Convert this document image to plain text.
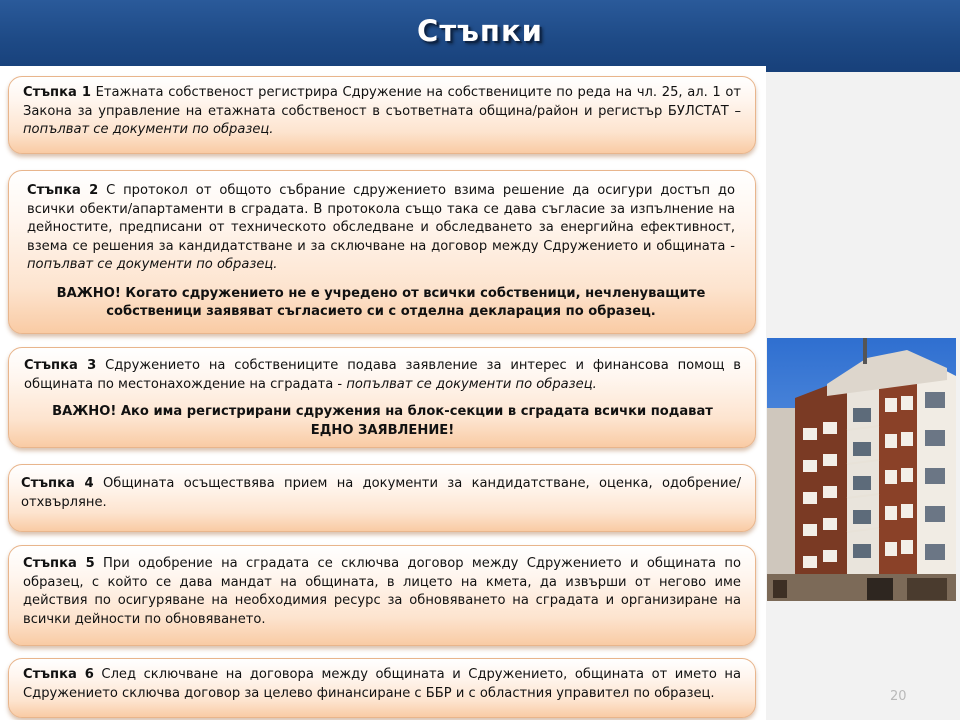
Стъпки

Стъпка 1 Етажната собственост регистрира Сдружение на собствениците по реда на чл. 25, ал. 1 от Закона за управление на етажната собственост в съответната община/район и регистър БУЛСТАТ – попълват се документи по образец.

Стъпка 2 С протокол от общото събрание сдружението взима решение да осигури достъп до всички обекти/апартаменти в сградата. В протокола също така се дава съгласие за изпълнение на дейностите, предписани от техническото обследване и обследването за енергийна ефективност, взема се решения за кандидатстване и за сключване на договор между Сдружението и общината - попълват се документи по образец.

ВАЖНО! Когато сдружението не е учредено от всички собственици, нечленуващите собственици заявяват съгласието си с отделна декларация по образец.

Стъпка 3 Сдружението на собствениците подава заявление за интерес и финансова помощ в общината по местонахождение на сградата - попълват се документи по образец.

ВАЖНО! Ако има регистрирани сдружения на блок-секции в сградата всички подават ЕДНО ЗАЯВЛЕНИЕ!

Стъпка 4 Общината осъществява прием на документи за кандидатстване, оценка, одобрение/отхвърляне.

Стъпка 5 При одобрение на сградата се сключва договор между Сдружението и общината по образец, с който се дава мандат на общината, в лицето на кмета, да извърши от негово име действия по осигуряване на необходимия ресурс за обновяването на сградата и организиране на всички дейности по обновяването.

Стъпка 6 След сключване на договора между общината и Сдружението, общината от името на Сдружението сключва договор за целево финансиране с ББР и с областния управител по образец.	20
